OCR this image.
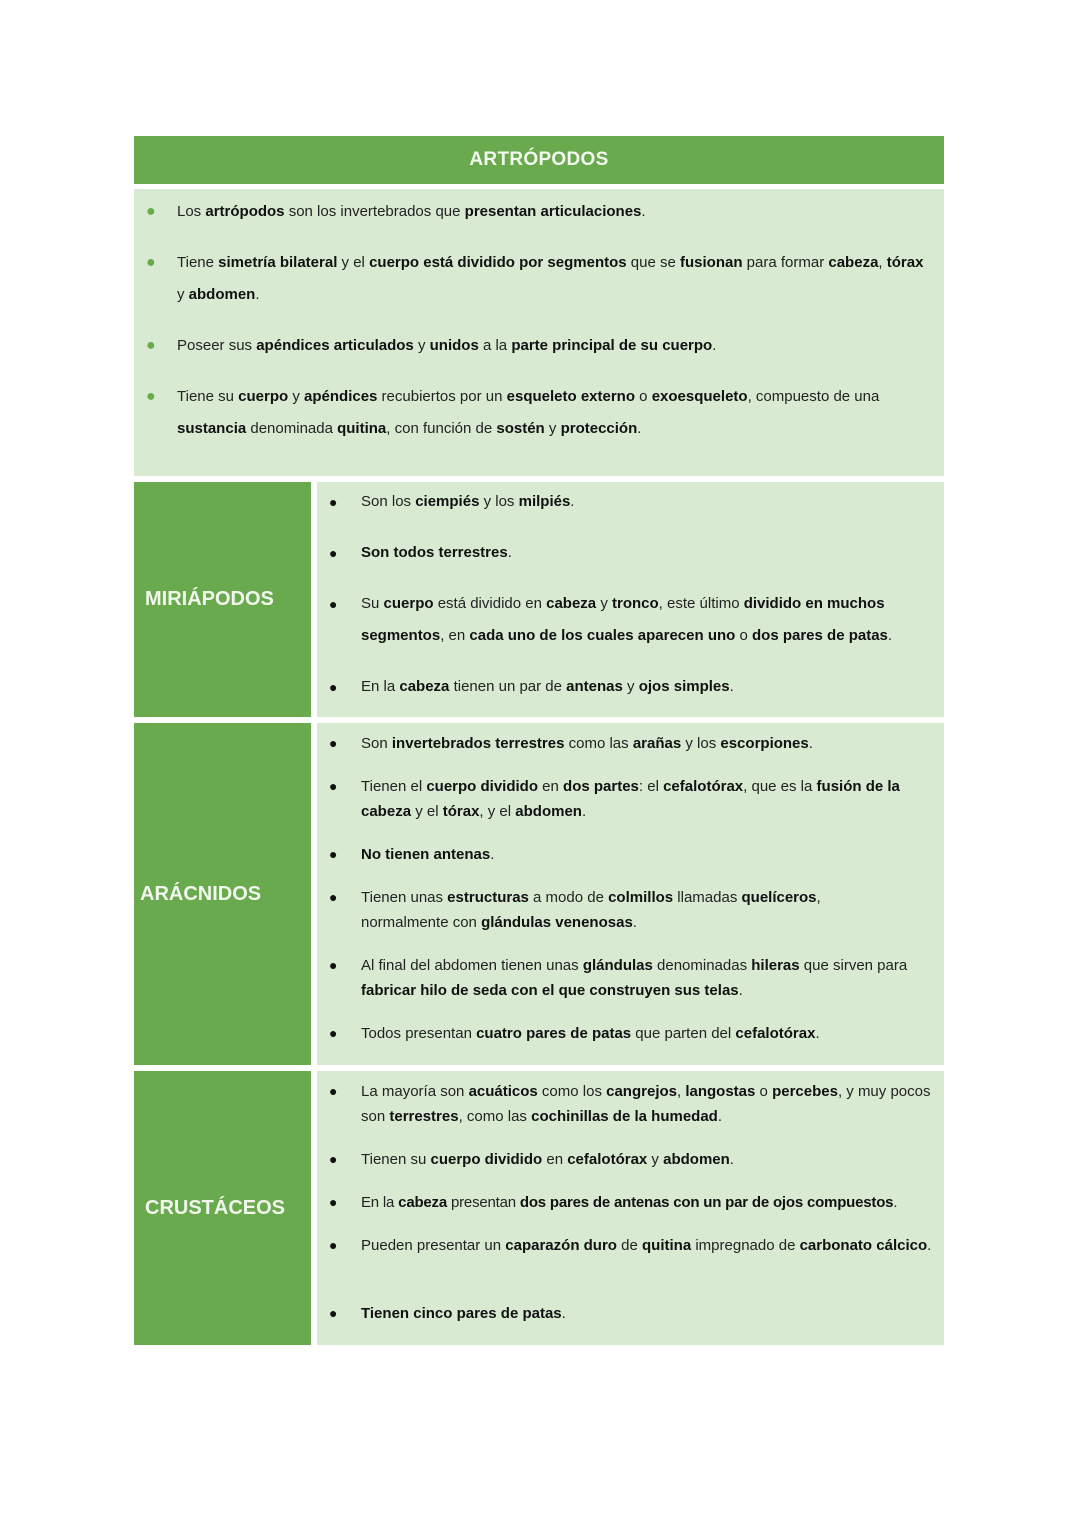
ARTRÓPODOS
● Los artrópodos son los invertebrados que presentan articulaciones.
● Tiene simetría bilateral y el cuerpo está dividido por segmentos que se fusionan para formar cabeza, tórax y abdomen.
● Poseer sus apéndices articulados y unidos a la parte principal de su cuerpo.
● Tiene su cuerpo y apéndices recubiertos por un esqueleto externo o exoesqueleto, compuesto de una sustancia denominada quitina, con función de sostén y protección.
MIRIÁPODOS
● Son los ciempiés y los milpiés.
● Son todos terrestres.
● Su cuerpo está dividido en cabeza y tronco, este último dividido en muchos segmentos, en cada uno de los cuales aparecen uno o dos pares de patas.
● En la cabeza tienen un par de antenas y ojos simples.
ARÁCNIDOS
● Son invertebrados terrestres como las arañas y los escorpiones.
● Tienen el cuerpo dividido en dos partes: el cefalotórax, que es la fusión de la cabeza y el tórax, y el abdomen.
● No tienen antenas.
● Tienen unas estructuras a modo de colmillos llamadas quelíceros, normalmente con glándulas venenosas.
● Al final del abdomen tienen unas glándulas denominadas hileras que sirven para fabricar hilo de seda con el que construyen sus telas.
● Todos presentan cuatro pares de patas que parten del cefalotórax.
CRUSTÁCEOS
● La mayoría son acuáticos como los cangrejos, langostas o percebes, y muy pocos son terrestres, como las cochinillas de la humedad.
● Tienen su cuerpo dividido en cefalotórax y abdomen.
● En la cabeza presentan dos pares de antenas con un par de ojos compuestos.
● Pueden presentar un caparazón duro de quitina impregnado de carbonato cálcico.
● Tienen cinco pares de patas.
